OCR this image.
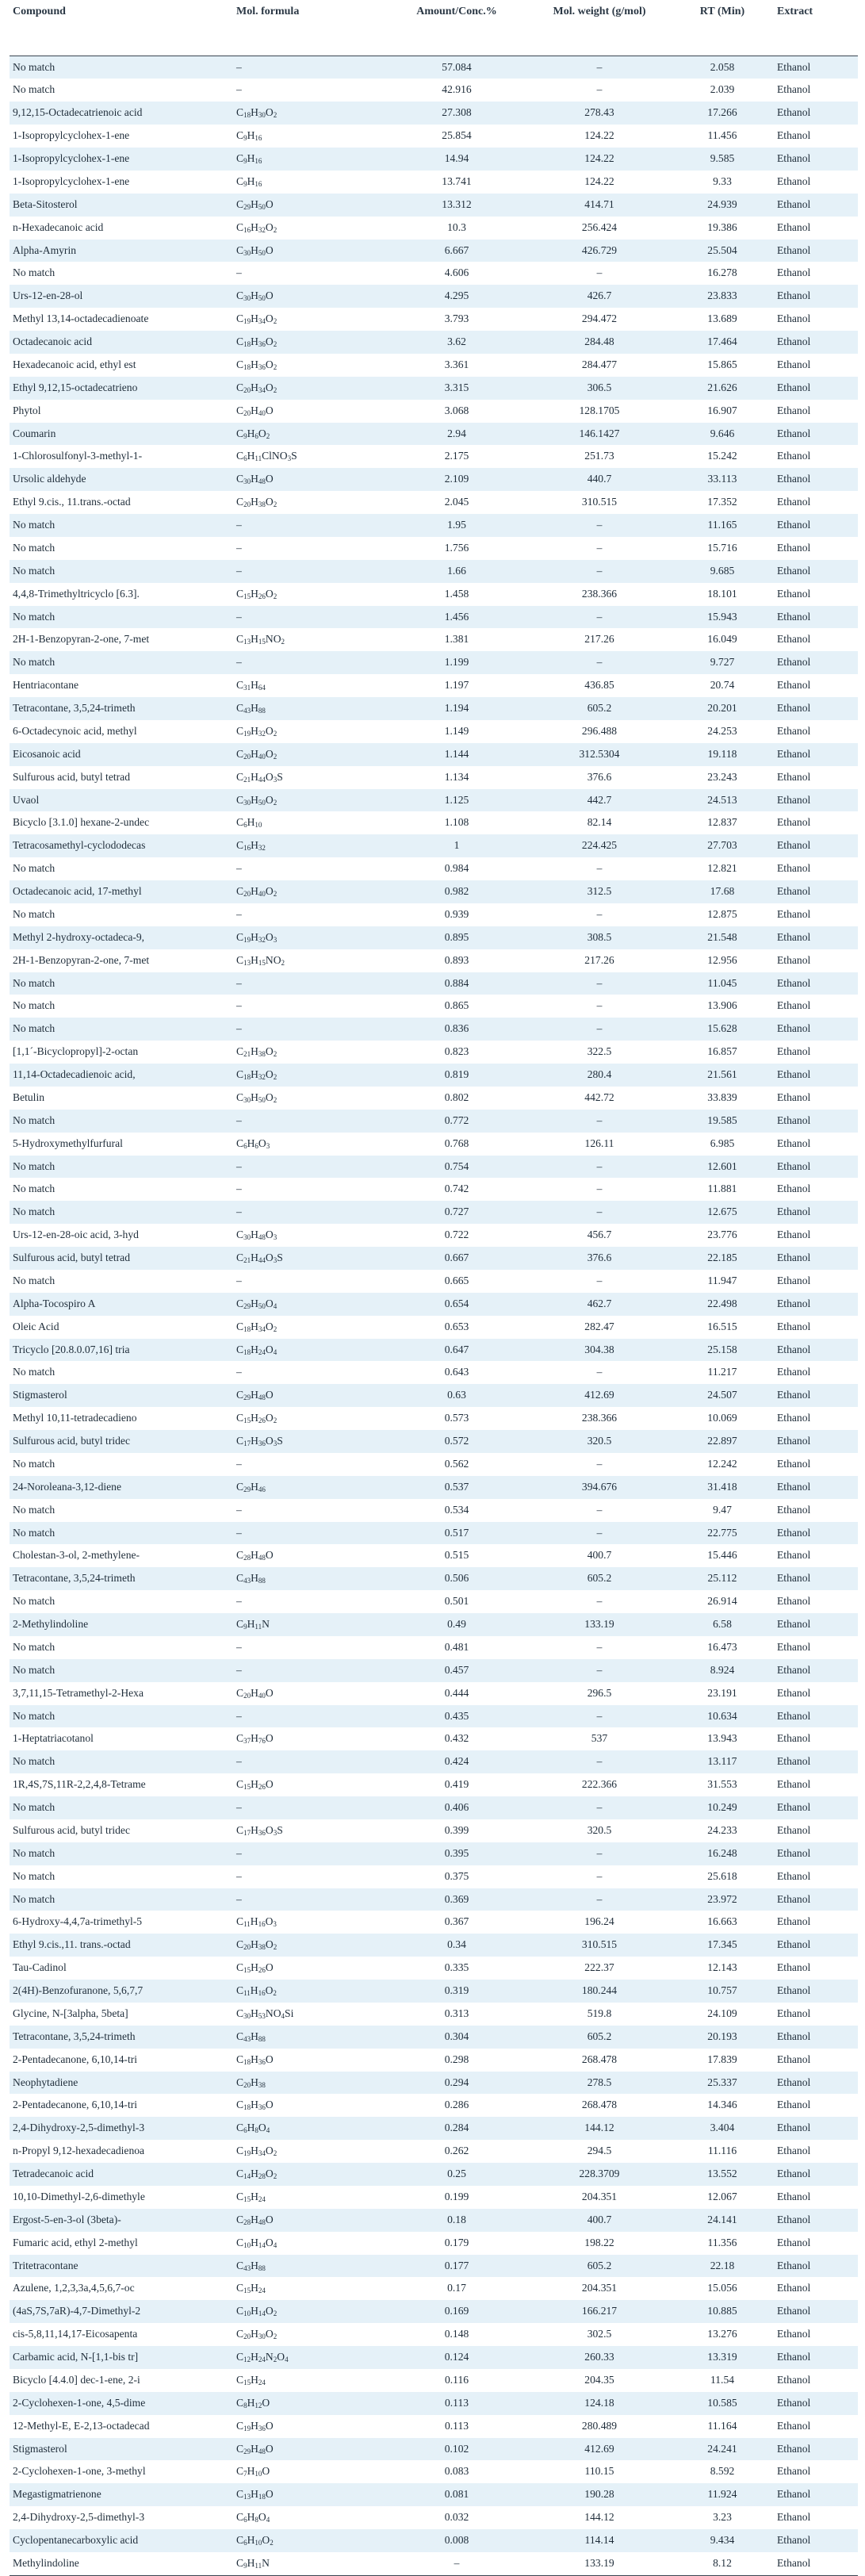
Compound	Mol. formula	Amount/Conc.%	Mol. weight (g/mol)	RT (Min)	Extract
No match	–	57.084	–	2.058	Ethanol
No match	–	42.916	–	2.039	Ethanol
9,12,15-Octadecatrienoic acid	$C_{18}H_{30}O_2$	27.308	278.43	17.266	Ethanol
1-Isopropylcyclohex-1-ene	$C_9H_{16}$	25.854	124.22	11.456	Ethanol
1-Isopropylcyclohex-1-ene	$C_9H_{16}$	14.94	124.22	9.585	Ethanol
1-Isopropylcyclohex-1-ene	$C_9H_{16}$	13.741	124.22	9.33	Ethanol
Beta-Sitosterol	$C_{29}H_{50}O$	13.312	414.71	24.939	Ethanol
n-Hexadecanoic acid	$C_{16}H_{32}O_2$	10.3	256.424	19.386	Ethanol
Alpha-Amyrin	$C_{30}H_{50}O$	6.667	426.729	25.504	Ethanol
No match	–	4.606	–	16.278	Ethanol
Urs-12-en-28-ol	$C_{30}H_{50}O$	4.295	426.7	23.833	Ethanol
Methyl 13,14-octadecadienoate	$C_{19}H_{34}O_2$	3.793	294.472	13.689	Ethanol
Octadecanoic acid	$C_{18}H_{36}O_2$	3.62	284.48	17.464	Ethanol
Hexadecanoic acid, ethyl est	$C_{18}H_{36}O_2$	3.361	284.477	15.865	Ethanol
Ethyl 9,12,15-octadecatrieno	$C_{20}H_{34}O_2$	3.315	306.5	21.626	Ethanol
Phytol	$C_{20}H_{40}O$	3.068	128.1705	16.907	Ethanol
Coumarin	$C_9H_6O_2$	2.94	146.1427	9.646	Ethanol
1-Chlorosulfonyl-3-methyl-1-	$C_6H_{11}ClNO_3S$	2.175	251.73	15.242	Ethanol
Ursolic aldehyde	$C_{30}H_{48}O$	2.109	440.7	33.113	Ethanol
Ethyl 9.cis., 11.trans.-octad	$C_{20}H_{38}O_2$	2.045	310.515	17.352	Ethanol
No match	–	1.95	–	11.165	Ethanol
No match	–	1.756	–	15.716	Ethanol
No match	–	1.66	–	9.685	Ethanol
4,4,8-Trimethyltricyclo [6.3].	$C_{15}H_{26}O_2$	1.458	238.366	18.101	Ethanol
No match	–	1.456	–	15.943	Ethanol
2H-1-Benzopyran-2-one, 7-met	$C_{13}H_{15}NO_2$	1.381	217.26	16.049	Ethanol
No match	–	1.199	–	9.727	Ethanol
Hentriacontane	$C_{31}H_{64}$	1.197	436.85	20.74	Ethanol
Tetracontane, 3,5,24-trimeth	$C_{43}H_{88}$	1.194	605.2	20.201	Ethanol
6-Octadecynoic acid, methyl	$C_{19}H_{32}O_2$	1.149	296.488	24.253	Ethanol
Eicosanoic acid	$C_{20}H_{40}O_2$	1.144	312.5304	19.118	Ethanol
Sulfurous acid, butyl tetrad	$C_{21}H_{44}O_3S$	1.134	376.6	23.243	Ethanol
Uvaol	$C_{30}H_{50}O_2$	1.125	442.7	24.513	Ethanol
Bicyclo [3.1.0] hexane-2-undec	$C_6H_{10}$	1.108	82.14	12.837	Ethanol
Tetracosamethyl-cyclododecas	$C_{16}H_{32}$	1	224.425	27.703	Ethanol
No match	–	0.984	–	12.821	Ethanol
Octadecanoic acid, 17-methyl	$C_{20}H_{40}O_2$	0.982	312.5	17.68	Ethanol
No match	–	0.939	–	12.875	Ethanol
Methyl 2-hydroxy-octadeca-9,	$C_{19}H_{32}O_3$	0.895	308.5	21.548	Ethanol
2H-1-Benzopyran-2-one, 7-met	$C_{13}H_{15}NO_2$	0.893	217.26	12.956	Ethanol
No match	–	0.884	–	11.045	Ethanol
No match	–	0.865	–	13.906	Ethanol
No match	–	0.836	–	15.628	Ethanol
[1,1´-Bicyclopropyl]-2-octan	$C_{21}H_{38}O_2$	0.823	322.5	16.857	Ethanol
11,14-Octadecadienoic acid,	$C_{18}H_{32}O_2$	0.819	280.4	21.561	Ethanol
Betulin	$C_{30}H_{50}O_2$	0.802	442.72	33.839	Ethanol
No match	–	0.772	–	19.585	Ethanol
5-Hydroxymethylfurfural	$C_6H_6O_3$	0.768	126.11	6.985	Ethanol
No match	–	0.754	–	12.601	Ethanol
No match	–	0.742	–	11.881	Ethanol
No match	–	0.727	–	12.675	Ethanol
Urs-12-en-28-oic acid, 3-hyd	$C_{30}H_{48}O_3$	0.722	456.7	23.776	Ethanol
Sulfurous acid, butyl tetrad	$C_{21}H_{44}O_3S$	0.667	376.6	22.185	Ethanol
No match	–	0.665	–	11.947	Ethanol
Alpha-Tocospiro A	$C_{29}H_{50}O_4$	0.654	462.7	22.498	Ethanol
Oleic Acid	$C_{18}H_{34}O_2$	0.653	282.47	16.515	Ethanol
Tricyclo [20.8.0.07,16] tria	$C_{18}H_{24}O_4$	0.647	304.38	25.158	Ethanol
No match	–	0.643	–	11.217	Ethanol
Stigmasterol	$C_{29}H_{48}O$	0.63	412.69	24.507	Ethanol
Methyl 10,11-tetradecadieno	$C_{15}H_{26}O_2$	0.573	238.366	10.069	Ethanol
Sulfurous acid, butyl tridec	$C_{17}H_{36}O_3S$	0.572	320.5	22.897	Ethanol
No match	–	0.562	–	12.242	Ethanol
24-Noroleana-3,12-diene	$C_{29}H_{46}$	0.537	394.676	31.418	Ethanol
No match	–	0.534	–	9.47	Ethanol
No match	–	0.517	–	22.775	Ethanol
Cholestan-3-ol, 2-methylene-	$C_{28}H_{48}O$	0.515	400.7	15.446	Ethanol
Tetracontane, 3,5,24-trimeth	$C_{43}H_{88}$	0.506	605.2	25.112	Ethanol
No match	–	0.501	–	26.914	Ethanol
2-Methylindoline	$C_9H_{11}N$	0.49	133.19	6.58	Ethanol
No match	–	0.481	–	16.473	Ethanol
No match	–	0.457	–	8.924	Ethanol
3,7,11,15-Tetramethyl-2-Hexa	$C_{20}H_{40}O$	0.444	296.5	23.191	Ethanol
No match	–	0.435	–	10.634	Ethanol
1-Heptatriacotanol	$C_{37}H_{76}O$	0.432	537	13.943	Ethanol
No match	–	0.424	–	13.117	Ethanol
1R,4S,7S,11R-2,2,4,8-Tetrame	$C_{15}H_{26}O$	0.419	222.366	31.553	Ethanol
No match	–	0.406	–	10.249	Ethanol
Sulfurous acid, butyl tridec	$C_{17}H_{36}O_3S$	0.399	320.5	24.233	Ethanol
No match	–	0.395	–	16.248	Ethanol
No match	–	0.375	–	25.618	Ethanol
No match	–	0.369	–	23.972	Ethanol
6-Hydroxy-4,4,7a-trimethyl-5	$C_{11}H_{16}O_3$	0.367	196.24	16.663	Ethanol
Ethyl 9.cis.,11. trans.-octad	$C_{20}H_{38}O_2$	0.34	310.515	17.345	Ethanol
Tau-Cadinol	$C_{15}H_{26}O$	0.335	222.37	12.143	Ethanol
2(4H)-Benzofuranone, 5,6,7,7	$C_{11}H_{16}O_2$	0.319	180.244	10.757	Ethanol
Glycine, N-[3alpha, 5beta]	$C_{30}H_{53}NO_4Si$	0.313	519.8	24.109	Ethanol
Tetracontane, 3,5,24-trimeth	$C_{43}H_{88}$	0.304	605.2	20.193	Ethanol
2-Pentadecanone, 6,10,14-tri	$C_{18}H_{36}O$	0.298	268.478	17.839	Ethanol
Neophytadiene	$C_{20}H_{38}$	0.294	278.5	25.337	Ethanol
2-Pentadecanone, 6,10,14-tri	$C_{18}H_{36}O$	0.286	268.478	14.346	Ethanol
2,4-Dihydroxy-2,5-dimethyl-3	$C_6H_8O_4$	0.284	144.12	3.404	Ethanol
n-Propyl 9,12-hexadecadienoa	$C_{19}H_{34}O_2$	0.262	294.5	11.116	Ethanol
Tetradecanoic acid	$C_{14}H_{28}O_2$	0.25	228.3709	13.552	Ethanol
10,10-Dimethyl-2,6-dimethyle	$C_{15}H_{24}$	0.199	204.351	12.067	Ethanol
Ergost-5-en-3-ol (3beta)-	$C_{28}H_{48}O$	0.18	400.7	24.141	Ethanol
Fumaric acid, ethyl 2-methyl	$C_{10}H_{14}O_4$	0.179	198.22	11.356	Ethanol
Tritetracontane	$C_{43}H_{88}$	0.177	605.2	22.18	Ethanol
Azulene, 1,2,3,3a,4,5,6,7-oc	$C_{15}H_{24}$	0.17	204.351	15.056	Ethanol
(4aS,7S,7aR)-4,7-Dimethyl-2	$C_{10}H_{14}O_2$	0.169	166.217	10.885	Ethanol
cis-5,8,11,14,17-Eicosapenta	$C_{20}H_{30}O_2$	0.148	302.5	13.276	Ethanol
Carbamic acid, N-[1,1-bis tr]	$C_{12}H_{24}N_2O_4$	0.124	260.33	13.319	Ethanol
Bicyclo [4.4.0] dec-1-ene, 2-i	$C_{15}H_{24}$	0.116	204.35	11.54	Ethanol
2-Cyclohexen-1-one, 4,5-dime	$C_8H_{12}O$	0.113	124.18	10.585	Ethanol
12-Methyl-E, E-2,13-octadecad	$C_{19}H_{36}O$	0.113	280.489	11.164	Ethanol
Stigmasterol	$C_{29}H_{48}O$	0.102	412.69	24.241	Ethanol
2-Cyclohexen-1-one, 3-methyl	$C_7H_{10}O$	0.083	110.15	8.592	Ethanol
Megastigmatrienone	$C_{13}H_{18}O$	0.081	190.28	11.924	Ethanol
2,4-Dihydroxy-2,5-dimethyl-3	$C_6H_8O_4$	0.032	144.12	3.23	Ethanol
Cyclopentanecarboxylic acid	$C_6H_{10}O_2$	0.008	114.14	9.434	Ethanol
Methylindoline	$C_9H_{11}N$	–	133.19	8.12	Ethanol
